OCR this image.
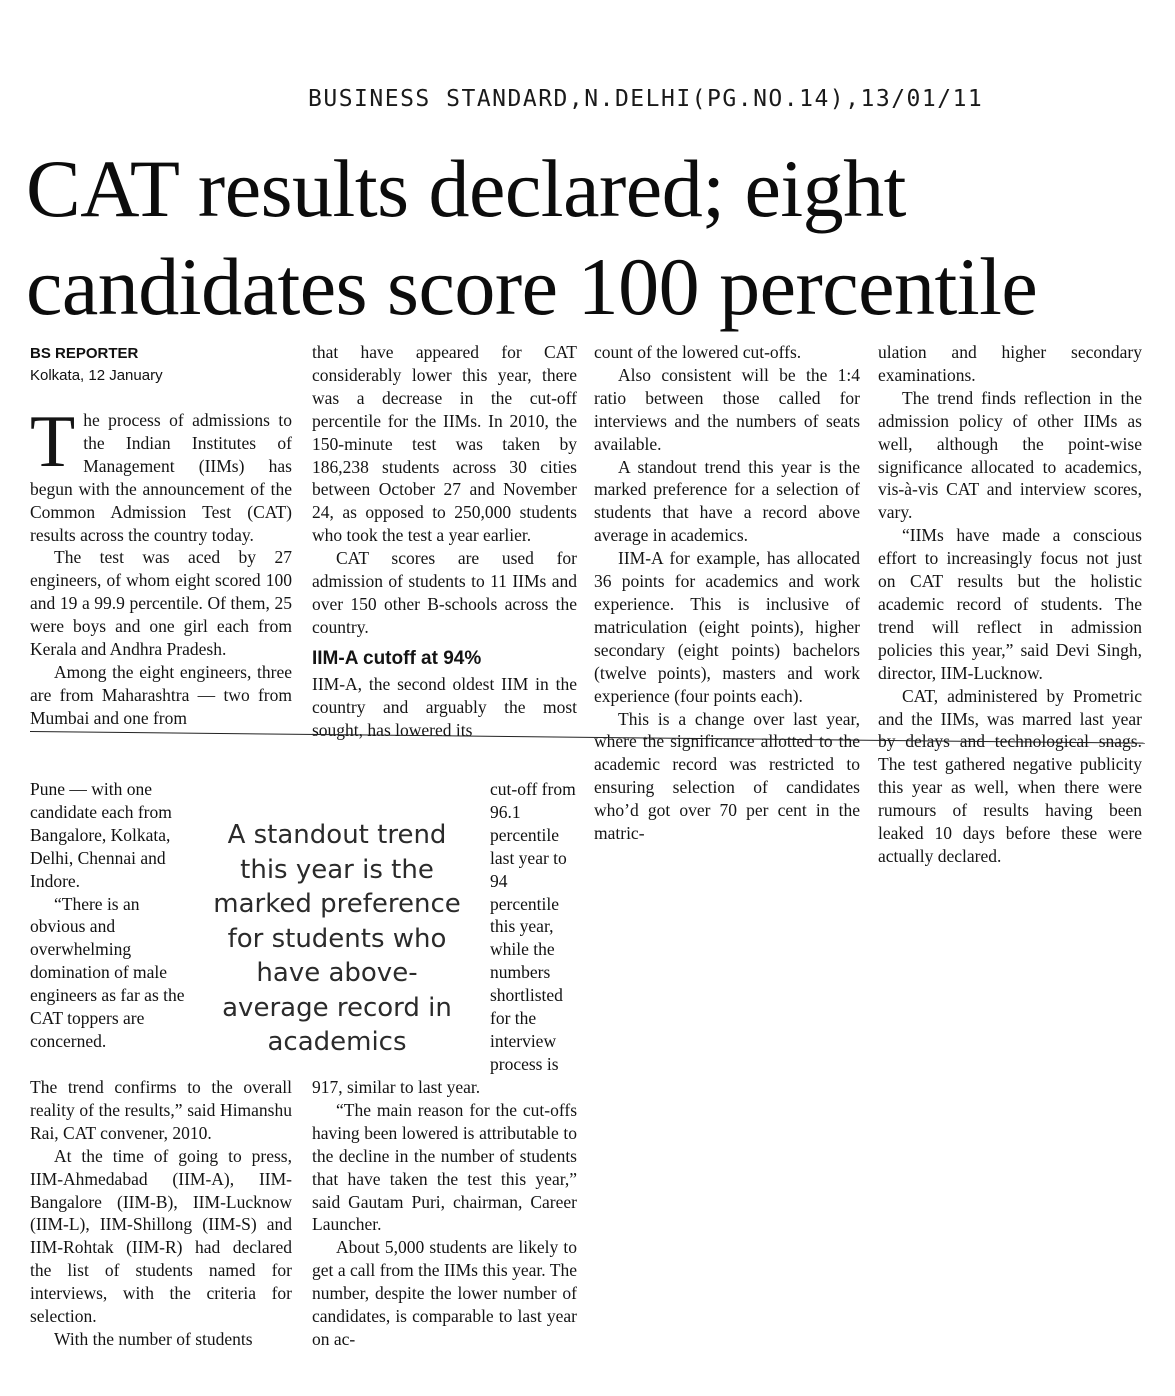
BUSINESS STANDARD,N.DELHI(PG.NO.14),13/01/11
CAT results declared; eight
candidates score 100 percentile
BS REPORTER
Kolkata, 12 January

The process of admissions to the Indian Institutes of Management (IIMs) has begun with the announcement of the Common Admission Test (CAT) results across the country today.

The test was aced by 27 engineers, of whom eight scored 100 and 19 a 99.9 percentile. Of them, 25 were boys and one girl each from Kerala and Andhra Pradesh.

Among the eight engineers, three are from Maharashtra — two from Mumbai and one from

Pune — with one candidate each from Bangalore, Kolkata, Delhi, Chennai and Indore.

“There is an obvious and overwhelming domination of male engineers as far as the CAT toppers are concerned.

The trend confirms to the overall reality of the results,” said Himanshu Rai, CAT convener, 2010.

At the time of going to press, IIM-Ahmedabad (IIM-A), IIM-Bangalore (IIM-B), IIM-Lucknow (IIM-L), IIM-Shillong (IIM-S) and IIM-Rohtak (IIM-R) had declared the list of students named for interviews, with the criteria for selection.

With the number of students

that have appeared for CAT considerably lower this year, there was a decrease in the cut-off percentile for the IIMs. In 2010, the 150-minute test was taken by 186,238 students across 30 cities between October 27 and November 24, as opposed to 250,000 students who took the test a year earlier.

CAT scores are used for admission of students to 11 IIMs and over 150 other B-schools across the country.

IIM-A cutoff at 94%

IIM-A, the second oldest IIM in the country and arguably the most sought, has lowered its

cut-off from 96.1 percentile last year to 94 percentile this year, while the numbers shortlisted for the interview process is

917, similar to last year.

“The main reason for the cut-offs having been lowered is attributable to the decline in the number of students that have taken the test this year,” said Gautam Puri, chairman, Career Launcher.

About 5,000 students are likely to get a call from the IIMs this year. The number, despite the lower number of candidates, is comparable to last year on ac-

A standout trend this year is the marked preference for students who have above-average record in academics

count of the lowered cut-offs.

Also consistent will be the 1:4 ratio between those called for interviews and the numbers of seats available.

A standout trend this year is the marked preference for a selection of students that have a record above average in academics.

IIM-A for example, has allocated 36 points for academics and work experience. This is inclusive of matriculation (eight points), higher secondary (eight points) bachelors (twelve points), masters and work experience (four points each).

This is a change over last year, where the significance allotted to the academic record was restricted to ensuring selection of candidates who’d got over 70 per cent in the matric-

ulation and higher secondary examinations.

The trend finds reflection in the admission policy of other IIMs as well, although the point-wise significance allocated to academics, vis-à-vis CAT and interview scores, vary.

“IIMs have made a conscious effort to increasingly focus not just on CAT results but the holistic academic record of students. The trend will reflect in admission policies this year,” said Devi Singh, director, IIM-Lucknow.

CAT, administered by Prometric and the IIMs, was marred last year by delays and technological snags. The test gathered negative publicity this year as well, when there were rumours of results having been leaked 10 days before these were actually declared.
